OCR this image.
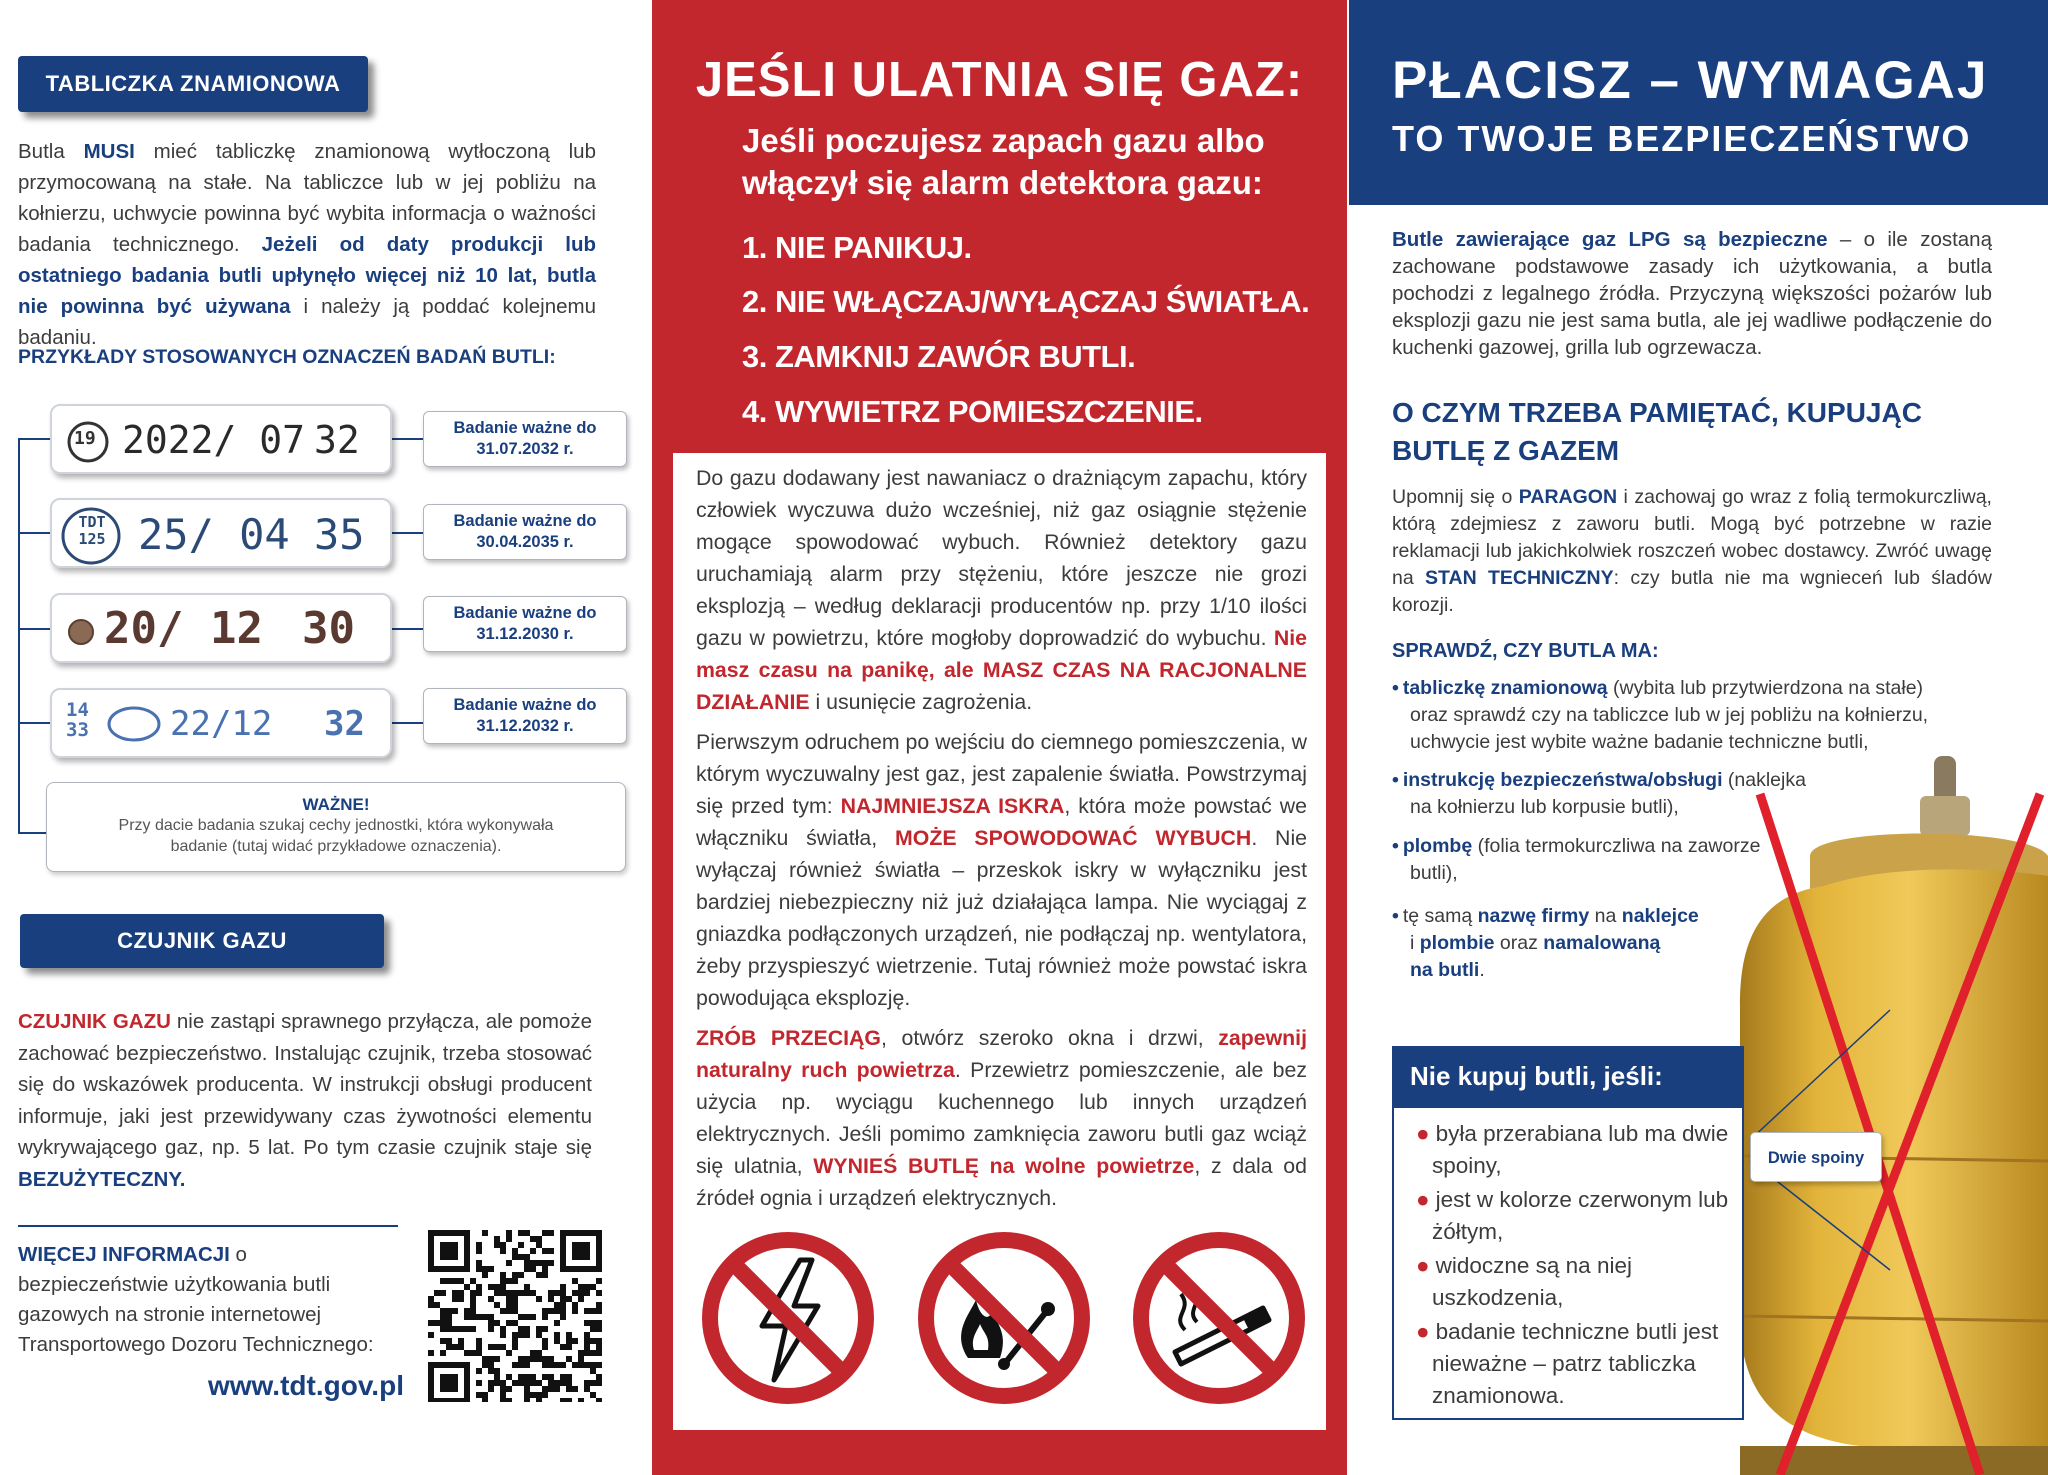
TABLICZKA ZNAMIONOWA
Butla MUSI mieć tabliczkę znamionową wytłoczoną lub przymocowaną na stałe. Na tabliczce lub w jej pobliżu na kołnierzu, uchwycie powinna być wybita informacja o ważności badania technicznego. Jeżeli od daty produkcji lub ostatniego badania butli upłynęło więcej niż 10 lat, butla nie powinna być używana i należy ją poddać kolejnemu badaniu.
PRZYKŁADY STOSOWANYCH OZNACZEŃ BADAŃ BUTLI:
19 2022/ 07 32	Badanie ważne do
31.07.2032 r.
TDT 125 25/ 04 35	Badanie ważne do
30.04.2035 r.
20/ 12 30	Badanie ważne do
31.12.2030 r.
14 33 22/12 32	Badanie ważne do
31.12.2032 r.
WAŻNE!
Przy dacie badania szukaj cechy jednostki, która wykonywała badanie (tutaj widać przykładowe oznaczenia).
CZUJNIK GAZU
CZUJNIK GAZU nie zastąpi sprawnego przyłącza, ale pomoże zachować bezpieczeństwo. Instalując czujnik, trzeba stosować się do wskazówek producenta. W instrukcji obsługi producent informuje, jaki jest przewidywany czas żywotności elementu wykrywającego gaz, np. 5 lat. Po tym czasie czujnik staje się BEZUŻYTECZNY.
WIĘCEJ INFORMACJI o bezpieczeństwie użytkowania butli gazowych na stronie internetowej Transportowego Dozoru Technicznego:
www.tdt.gov.pl
JEŚLI ULATNIA SIĘ GAZ:
Jeśli poczujesz zapach gazu albo
włączył się alarm detektora gazu:
1. NIE PANIKUJ.
2. NIE WŁĄCZAJ/WYŁĄCZAJ ŚWIATŁA.
3. ZAMKNIJ ZAWÓR BUTLI.
4. WYWIETRZ POMIESZCZENIE.

Do gazu dodawany jest nawaniacz o drażniącym zapachu, który człowiek wyczuwa dużo wcześniej, niż gaz osiągnie stężenie mogące spowodować wybuch. Również detektory gazu uruchamiają alarm przy stężeniu, które jeszcze nie grozi eksplozją – według deklaracji producentów np. przy 1/10 ilości gazu w powietrzu, które mogłoby doprowadzić do wybuchu. Nie masz czasu na panikę, ale MASZ CZAS NA RACJONALNE DZIAŁANIE i usunięcie zagrożenia.

Pierwszym odruchem po wejściu do ciemnego pomieszczenia, w którym wyczuwalny jest gaz, jest zapalenie światła. Powstrzymaj się przed tym: NAJMNIEJSZA ISKRA, która może powstać we włączniku światła, MOŻE SPOWODOWAĆ WYBUCH. Nie wyłączaj również światła – przeskok iskry w wyłączniku jest bardziej niebezpieczny niż już działająca lampa. Nie wyciągaj z gniazdka podłączonych urządzeń, nie podłączaj np. wentylatora, żeby przyspieszyć wietrzenie. Tutaj również może powstać iskra powodująca eksplozję.

ZRÓB PRZECIĄG, otwórz szeroko okna i drzwi, zapewnij naturalny ruch powietrza. Przewietrz pomieszczenie, ale bez użycia np. wyciągu kuchennego lub innych urządzeń elektrycznych. Jeśli pomimo zamknięcia zaworu butli gaz wciąż się ulatnia, WYNIEŚ BUTLĘ na wolne powietrze, z dala od źródeł ognia i urządzeń elektrycznych.

PŁACISZ – WYMAGAJ
TO TWOJE BEZPIECZEŃSTWO
Butle zawierające gaz LPG są bezpieczne – o ile zostaną zachowane podstawowe zasady ich użytkowania, a butla pochodzi z legalnego źródła. Przyczyną większości pożarów lub eksplozji gazu nie jest sama butla, ale jej wadliwe podłączenie do kuchenki gazowej, grilla lub ogrzewacza.
O CZYM TRZEBA PAMIĘTAĆ, KUPUJĄC
BUTLĘ Z GAZEM
Upomnij się o PARAGON i zachowaj go wraz z folią termokurczliwą, którą zdejmiesz z zaworu butli. Mogą być potrzebne w razie reklamacji lub jakichkolwiek roszczeń wobec dostawcy. Zwróć uwagę na STAN TECHNICZNY: czy butla nie ma wgnieceń lub śladów korozji.
SPRAWDŹ, CZY BUTLA MA:
• tabliczkę znamionową (wybita lub przytwierdzona na stałe)
oraz sprawdź czy na tabliczce lub w jej pobliżu na kołnierzu,
uchwycie jest wybite ważne badanie techniczne butli,
• instrukcję bezpieczeństwa/obsługi (naklejka
na kołnierzu lub korpusie butli),
• plombę (folia termokurczliwa na zaworze
butli),
• tę samą nazwę firmy na naklejce
i plombie oraz namalowaną
na butli.
Nie kupuj butli, jeśli:
● była przerabiana lub ma dwie spoiny,
● jest w kolorze czerwonym lub żółtym,
● widoczne są na niej uszkodzenia,
● badanie techniczne butli jest nieważne – patrz tabliczka znamionowa.
Dwie spoiny
